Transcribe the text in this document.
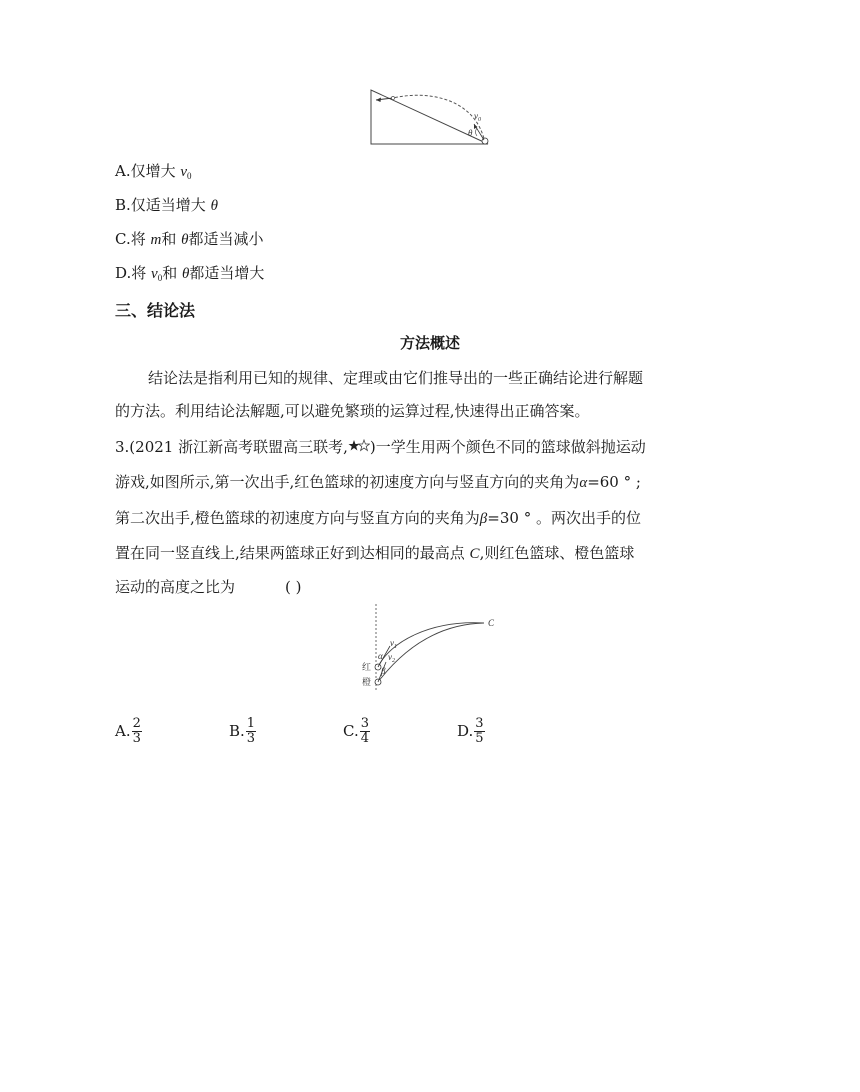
$v_0$
θ
A.仅增大 $v_0$
B.仅适当增大 θ
C.将 m和 θ都适当减小
D.将 $v_0$和 θ都适当增大
三、结论法
方法概述
结论法是指利用已知的规律、定理或由它们推导出的一些正确结论进行解题
的方法。利用结论法解题,可以避免繁琐的运算过程,快速得出正确答案。
3.(2021 浙江新高考联盟高三联考, )一学生用两个颜色不同的篮球做斜抛运动
游戏,如图所示,第一次出手,红色篮球的初速度方向与竖直方向的夹角为α=60 ° ;
第二次出手,橙色篮球的初速度方向与竖直方向的夹角为β=30 ° 。两次出手的位
置在同一竖直线上,结果两篮球正好到达相同的最高点 C,则红色篮球、橙色篮球
运动的高度之比为	( )
C
$v_1$
$v_2$
α
β
红
橙
A. $\frac{2}{3}$	B. $\frac{1}{3}$	C. $\frac{3}{4}$	D. $\frac{3}{5}$
